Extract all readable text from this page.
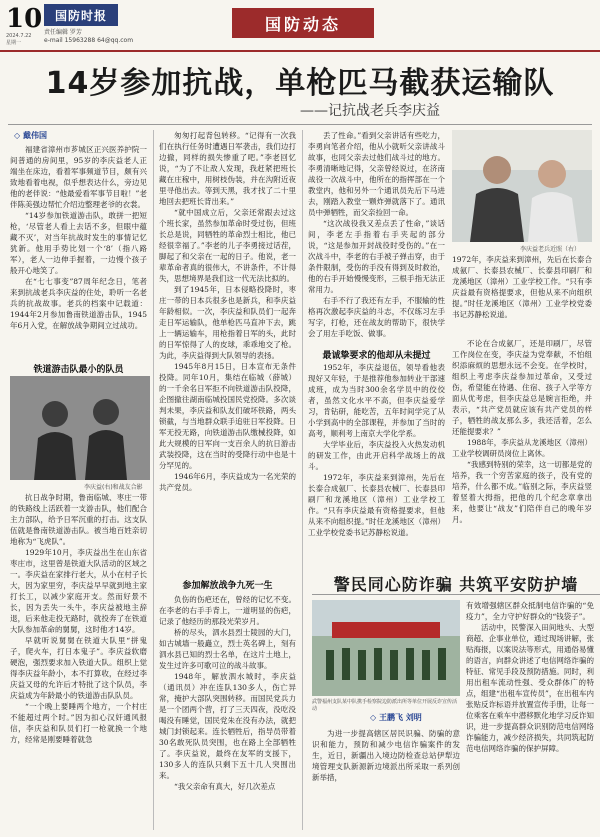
10
2024.7.22 星期一
国防时报
责任编辑 罗芳
e-mail 15963288 64@qq.com
国防动态
14岁参加抗战，单枪匹马截获运输队
——记抗战老兵李庆益
◇ 戴伟国

福建省漳州市芗城区正兴医养护院一间普通的房间里，95岁的李庆益老人正端坐在床边，看着军事频道节目，颇有兴致地看着电视，似乎想表达什么，旁边见他的老伴说：“他最爱看军事节目啦！”老伴陈美强边帮忙介绍边整理老爷的衣裳。

“14岁参加铁道游击队，敢拼一把短枪，‘尽管老人看上去话不多，但眼中蕴藏不灭’，对当年抗战时发生的事情记忆犹新。他用手势比划一个‘8’（指八路军），老人一边伸手握着，一边慢个孩子般开心地笑了。

在“七七事变”87周年纪念日，笔者来到抗战老兵李庆益的住处，聆听一名老兵的抗战故事。老兵的档案中记载道：1944年2月参加鲁南铁道游击队，1945年6月入党，在解放战争期间立过战功。

铁道游击队最小的队员
李庆益(右)和战友合影

抗日战争时期，鲁南临城、枣庄一带的铁路线上活跃着一支游击队，他们配合主力部队，给予日军沉重的打击。这支队伍就是鲁南铁道游击队。被当地百姓亲切地称为“飞虎队”。

1929年10月，李庆益出生在山东省枣庄市，这里曾是铁道大队活动的区域之一。李庆益在家排行老大，从小在村子长大，因为家里穷，李庆益早早就到地主家打长工，以减少家庭开支。然而好景不长，因为丢失一头牛，李庆益被地主辞退，后来他走投无路时，就投奔了在铁道大队参加革命的舅舅，这时他才14岁。

早就听说舅舅在铁道大队里“拼鬼子，爬火车，打日本鬼子”。李庆益软磨硬泡，强烈要求加入铁道大队。组织上觉得李庆益年龄小，本不打算收，在经过李庆益又母的允许后才特批了这个队员，李庆益成为年龄最小的铁道游击队队员。

“一个晚上要睡两个地方，一个村庄不能超过两个时。”因为扣心汉奸通风报信，李庆益和队员们打一枪就换一个地方，经常是刚要睡着就急

匆匆打起背包转移。“记得有一次我们在执行任务时遭遇日军袭击，我们边打边撤，同样的损失惨重了吧。”李老回忆说，“为了不让敌人发现，我赶紧把班长藏在庄稼中，用树枝伪装，并在沟附近夜里寻他出去。等到天黑，我才找了二十里地回去把班长背出来。”

“就中国成立后，父亲还常跟去过这个班长家，虽然参加革命时受过伤，但班长总是说，同牺牲的革命烈士相比，他已经很幸福了。”李老的儿子李勇接过话茬，脚起了和父亲在一起的日子。他说，老一辈革命者真的很伟大，不讲条件，不计得失，思想境界是我们这一代无法比拟的。

到了1945年，日本侵略投降时，枣庄一带的日本兵很多也是新兵，和李庆益年龄相似。一次，李庆益和队员们一起奔走日军运输队，他单枪匹马直冲下去，跳上一辆运输车，用枪指着日军的头，此时的日军惊得了人的皮球，乖乖地交了枪。为此，李庆益得到大队领导的表扬。

1945年8月15日，日本宣布无条件投降。同年10月，集结在临城（薛城）的一千余名日军拒不向铁道游击队投降，企图撤往湖南临城投国民党投降。多次谈判未果，李庆益和队友们破坏铁路，两头锁截，与当地群众联手追驻日军投降。日军无投无路，向铁道游击队缴械投降，如此大规模的日军向一支百余人的抗日游击武装投降，这在当时的受降行动中也是十分罕见的。

1946年6月，李庆益成为一名光荣的共产党员。

参加解放战争九死一生

负伤的伤疤还在，曾经的记忆不变。在李老的右手手背上，一道明显的伤疤，记录了他经历的那段光荣岁月。

桥的尽头，泗水县烈士陵园的大门，如古城墙一般矗立，烈士英名碑上，刻有泗水县已知的烈士名单，在这片土地上，发生过许多可歌可泣的战斗故事。

1948年，解放泗水城时，李庆益（通讯员）冲在连队130多人，伤亡异常，掩护大部队突围转移。而国民党兵力是一个团两个营，打了三天四夜，没吃没喝没有睡觉，国民党朱在没有办法，就把城门封锁起来。连长牺牲后，指导员带着30名敢死队员突围，也在路上全部牺牲了。李庆益说，最终在友军的支援下，130多人的连队只剩下五十几人突围出来。

“我父亲命有真大，好几次差点

丢了性命。”看到父亲讲话有些吃力，李勇向笔者介绍，他从小就听父亲讲战斗故事，也同父亲去过他们战斗过的地方。李勇清晰地记得，父亲曾经说过，在济南战役一次战斗中，他所在的指挥部在一个教堂内，他和另外一个通讯员先后下马进去，刚踏入教堂一颗炸弹就落下了。通讯员中弹牺牲，而父亲捡回一命。

“这次战役我又差点丢了性命，”谈话间，李老左手指着右手夹起的部分说，“这是参加开封战役时受伤的。”在一次战斗中，李老的右手被子弹击穿，由于条件限制，受伤的手没有得到及时救治，他的右手开始慢慢变形，三根手指无法正常用力。

右手不行了我还有左手，不服输的性格再次激起李庆益的斗志，不仅练习左手写字，打枪，还在战友的帮助下，很快学会了用左手吃饭、做事。

最诚挚要求的他却从未提过

1952年，李庆益退伍，领导看他表现好又年轻，于是推荐他参加转业干部速成班，成为当时300余名学员中的佼佼者，虽然文化水平不高，但李庆益爱学习，肯钻研，能吃苦，五年时间学完了从小学到高中的全部课程，并参加了当时的高考，顺利考上南京大学化学系。

大学毕业后，李庆益投入火热发动机的研发工作，由此开启科学战场上的战斗。

1972年，李庆益来到漳州，先后在长泰合成氨厂、长泰县农械厂、长泰县印刷厂和龙溪地区（漳州）工业学校工作。“只有李庆益最有资格提要求，但他从来不向组织提。”时任龙溪地区（漳州）工业学校党委书记苏静松说道。

李庆益老兵近照（右）

1972年，李庆益来到漳州，先后在长泰合成氨厂、长泰县农械厂、长泰县印刷厂和龙溪地区（漳州）工业学校工作。“只有李庆益最有资格提要求，但他从来不向组织提。”时任龙溪地区（漳州）工业学校党委书记苏静松说道。

不论在合成氨厂，还是印刷厂，尽管工作岗位在变，李庆益为党奉献，不怕组织添麻烦的思想永远不会变。在学校时，组织上考虑李庆益参加过革命，又受过伤，希望能在待遇、住宿、孩子入学等方面从优考虑，但李庆益总是婉言拒绝，并表示，“共产党员就应该有共产党员的样子，牺牲的战友那么多，我还活着，怎么还能提要求？”

1988年，李庆益从龙溪地区（漳州）工业学校调研员岗位上离休。

“我感到特别的荣幸，这一切都是党的培养，我一个穷苦家庭的孩子，没有党的培养，什么都不成。”临别之际，李庆益竖着竖着大拇指，把他的几个纪念章拿出来，他要让“战友”们陪伴自己的晚年岁月。

警民同心防诈骗 共筑平安防护墙
武警福州支队某中队携手检察院边防派出所等单位开展反诈宣传活动
◇ 王鹏飞 刘明

为进一步提高辖区居民识骗、防骗的意识和能力，预防和减少电信诈骗案件的发生，近日，新疆出入境边防检查总站伊犁边境管理支队新源新边境派出所采取一系列创新举措，

有效增强辖区群众抵制电信诈骗的“免疫力”，全力守护好群众的“钱袋子”。

活动中，民警深入田间地头、大型商超、企事业单位，通过现场讲解，张贴海报，以案说法等形式，用通俗易懂的语言，向群众讲述了电信网络诈骗的特征、常见手段及预防措施。同时，利用出租车流动性强、受众群体广的特点，组建“出租车宣传员”，在出租车内张贴反诈标语并放置宣传手册，让每一位乘客在乘车中潜移默化地学习反诈知识，进一步提高群众识别防范电信网络诈骗能力，减少经济损失，共同筑起防范电信网络诈骗的保护屏障。
